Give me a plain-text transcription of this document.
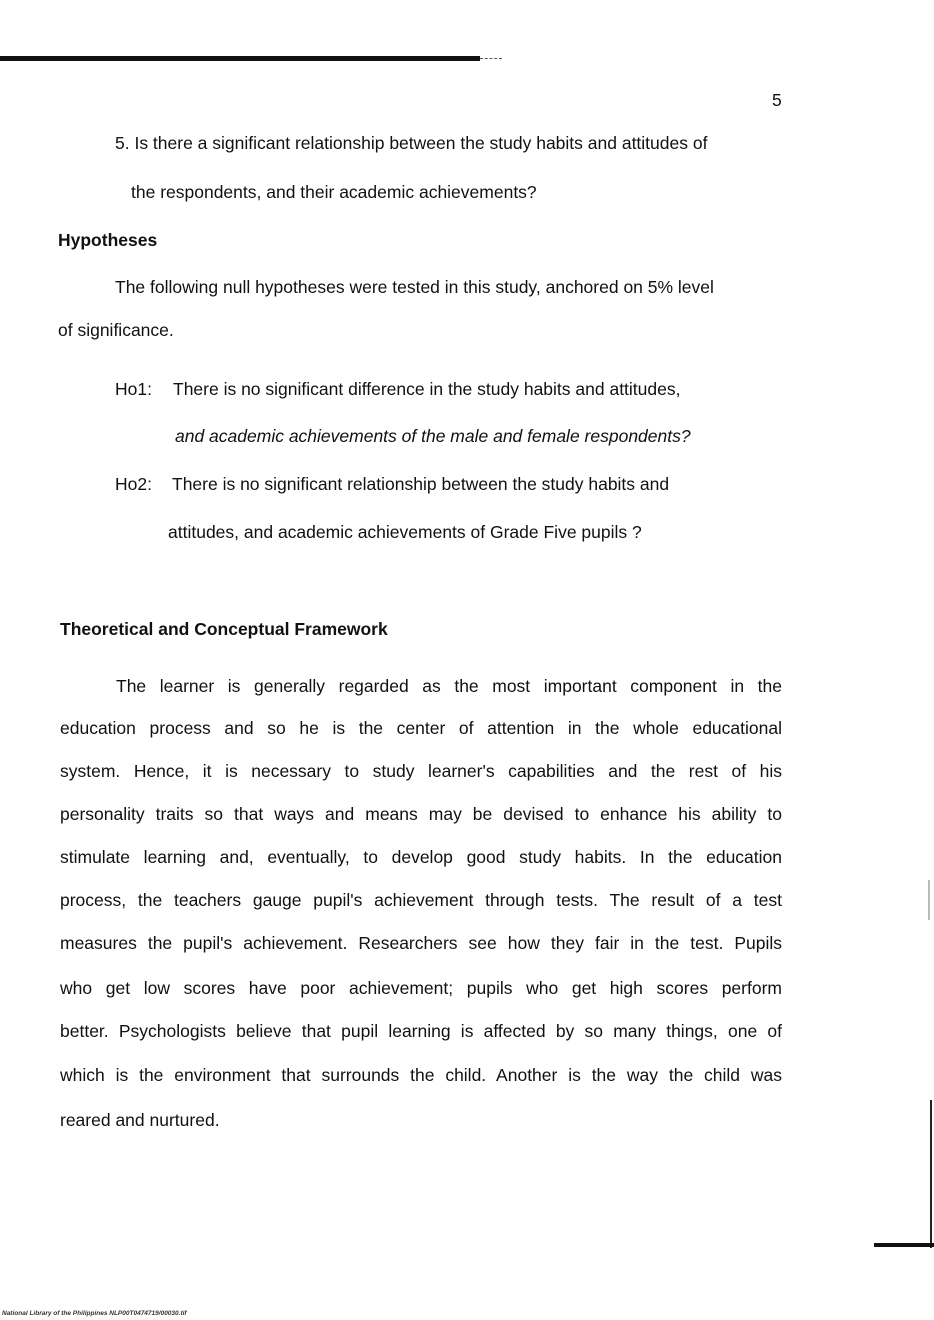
5
5. Is there a significant relationship between the study habits and attitudes of
the respondents, and their academic achievements?
Hypotheses
The following null hypotheses were tested in this study, anchored on 5% level
of significance.
Ho1: There is no significant difference in the study habits and attitudes,
and academic achievements of the male and female respondents?
Ho2: There is no significant relationship between the study habits and
attitudes, and academic achievements of Grade Five pupils ?
Theoretical and Conceptual Framework
The learner is generally regarded as the most important component in the
education process and so he is the center of attention in the whole educational
system. Hence, it is necessary to study learner's capabilities and the rest of his
personality traits so that ways and means may be devised to enhance his ability to
stimulate learning and, eventually, to develop good study habits. In the education
process, the teachers gauge pupil's achievement through tests. The result of a test
measures the pupil's achievement. Researchers see how they fair in the test. Pupils
who get low scores have poor achievement; pupils who get high scores perform
better. Psychologists believe that pupil learning is affected by so many things, one of
which is the environment that surrounds the child. Another is the way the child was
reared and nurtured.
National Library of the Philippines NLP00T0474719/00030.tif
